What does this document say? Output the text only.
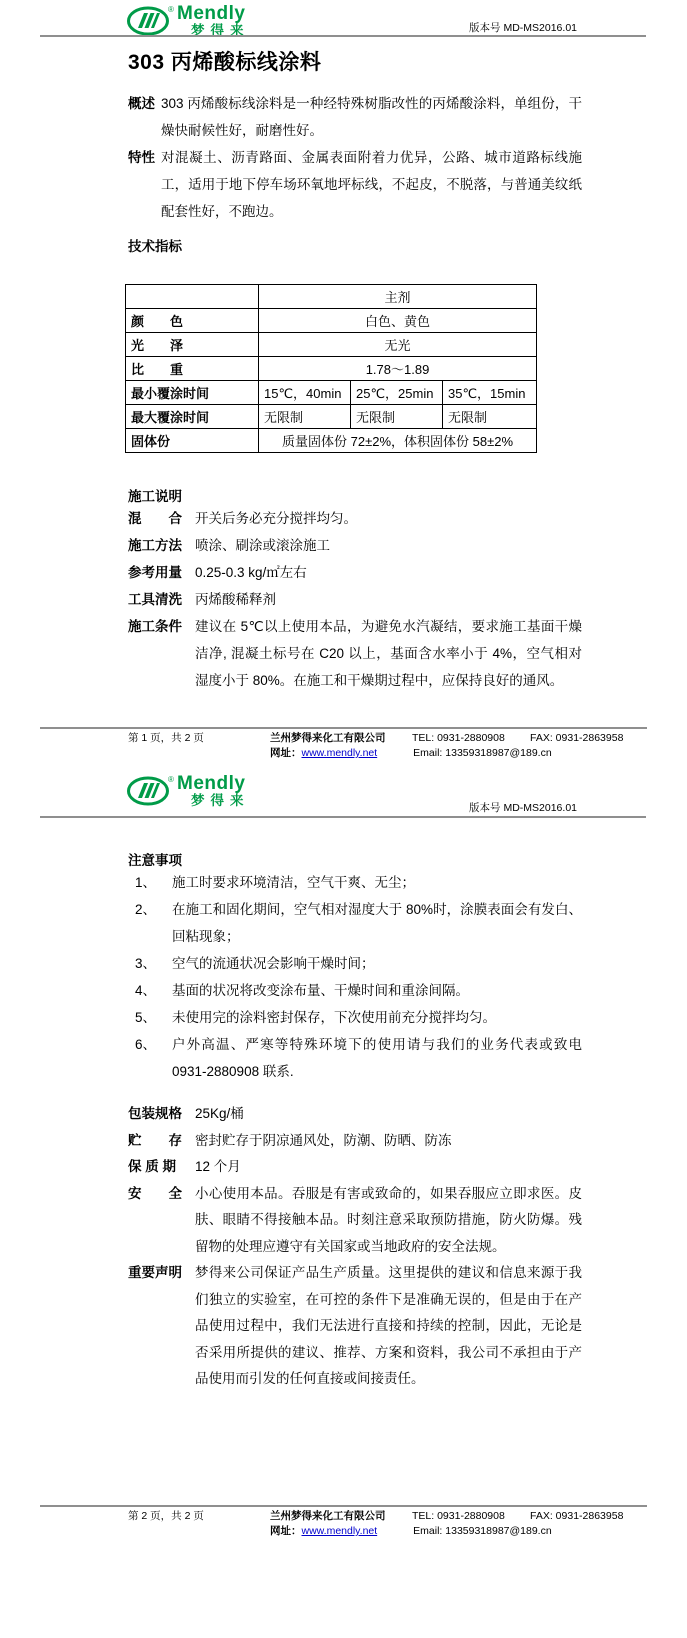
® Mendly
梦得来	版本号 MD-MS2016.01
303 丙烯酸标线涂料
概述 303 丙烯酸标线涂料是一种经特殊树脂改性的丙烯酸涂料，单组份，干燥快耐候性好，耐磨性好。
特性 对混凝土、沥青路面、金属表面附着力优异，公路、城市道路标线施工，适用于地下停车场环氧地坪标线，不起皮，不脱落，与普通美纹纸配套性好，不跑边。
技术指标
	主剂		
颜　　色	白色、黄色		
光　　泽	无光		
比　　重	1.78～1.89		
最小覆涂时间	15℃，40min	25℃，25min	35℃，15min
最大覆涂时间	无限制	无限制	无限制
固体份	质量固体份 72±2%，体积固体份 58±2%		
施工说明
混　　合 开关后务必充分搅拌均匀。
施工方法 喷涂、刷涂或滚涂施工
参考用量 0.25-0.3 kg/㎡左右
工具清洗 丙烯酸稀释剂
施工条件 建议在 5℃以上使用本品，为避免水汽凝结，要求施工基面干燥洁净, 混凝土标号在 C20 以上，基面含水率小于 4%，空气相对湿度小于 80%。在施工和干燥期过程中，应保持良好的通风。
第 1 页，共 2 页	兰州梦得来化工有限公司	TEL: 0931-2880908	FAX: 0931-2863958
网址： www.mendly.net	Email: 13359318987@189.cn
® Mendly
梦得来	版本号 MD-MS2016.01
注意事项
1、	施工时要求环境清洁，空气干爽、无尘；
2、	在施工和固化期间，空气相对湿度大于 80%时，涂膜表面会有发白、回粘现象；
3、	空气的流通状况会影响干燥时间；
4、	基面的状况将改变涂布量、干燥时间和重涂间隔。
5、	未使用完的涂料密封保存，下次使用前充分搅拌均匀。
6、	户外高温、严寒等特殊环境下的使用请与我们的业务代表或致电 0931-2880908 联系.
包装规格 25Kg/桶
贮　　存 密封贮存于阴凉通风处，防潮、防晒、防冻
保 质 期	12 个月
安　　全 小心使用本品。吞服是有害或致命的，如果吞服应立即求医。皮肤、眼睛不得接触本品。时刻注意采取预防措施，防火防爆。残留物的处理应遵守有关国家或当地政府的安全法规。
重要声明 梦得来公司保证产品生产质量。这里提供的建议和信息来源于我们独立的实验室，在可控的条件下是准确无误的，但是由于在产品使用过程中，我们无法进行直接和持续的控制，因此，无论是否采用所提供的建议、推荐、方案和资料，我公司不承担由于产品使用而引发的任何直接或间接责任。
第 2 页，共 2 页	兰州梦得来化工有限公司	TEL: 0931-2880908	FAX: 0931-2863958
网址： www.mendly.net	Email: 13359318987@189.cn
